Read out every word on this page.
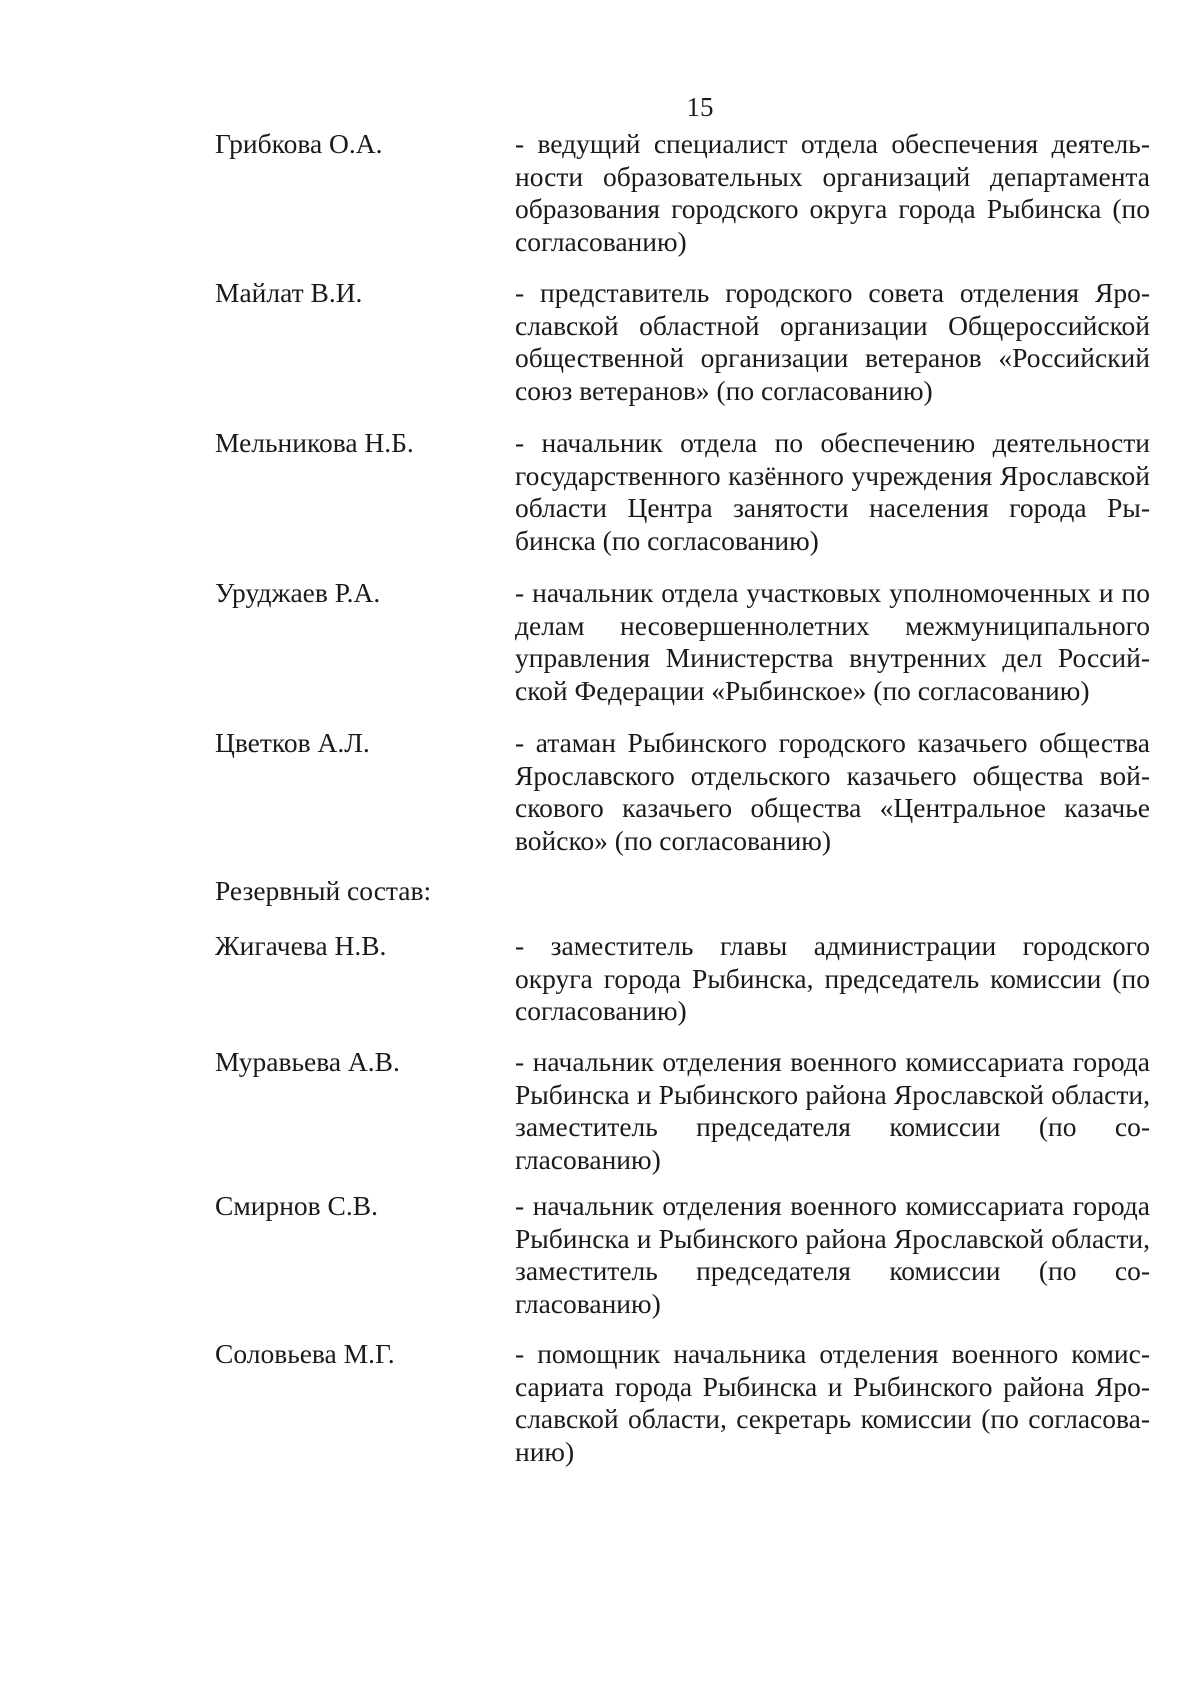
15
Грибкова О.А.	- ведущий специалист отдела обеспечения деятельности образовательных организаций департамента образования городского округа города Рыбинска (по согласованию)
Майлат В.И.	- представитель городского совета отделения Ярославской областной организации Общероссийской общественной организации ветеранов «Российский союз ветеранов» (по согласованию)
Мельникова Н.Б.	- начальник отдела по обеспечению деятельности государственного казённого учреждения Ярославской области Центра занятости населения города Рыбинска (по согласованию)
Уруджаев Р.А.	- начальник отдела участковых уполномоченных и по делам несовершеннолетних межмуниципального управления Министерства внутренних дел Российской Федерации «Рыбинское» (по согласованию)
Цветков А.Л.	- атаман Рыбинского городского казачьего общества Ярославского отдельского казачьего общества войскового казачьего общества «Центральное казачье войско» (по согласованию)
Резервный состав:
Жигачева Н.В.	- заместитель главы администрации городского округа города Рыбинска, председатель комиссии (по согласованию)
Муравьева А.В.	- начальник отделения военного комиссариата города Рыбинска и Рыбинского района Ярославской области, заместитель председателя комиссии (по согласованию)
Смирнов С.В.	- начальник отделения военного комиссариата города Рыбинска и Рыбинского района Ярославской области, заместитель председателя комиссии (по согласованию)
Соловьева М.Г.	- помощник начальника отделения военного комиссариата города Рыбинска и Рыбинского района Ярославской области, секретарь комиссии (по согласованию)
